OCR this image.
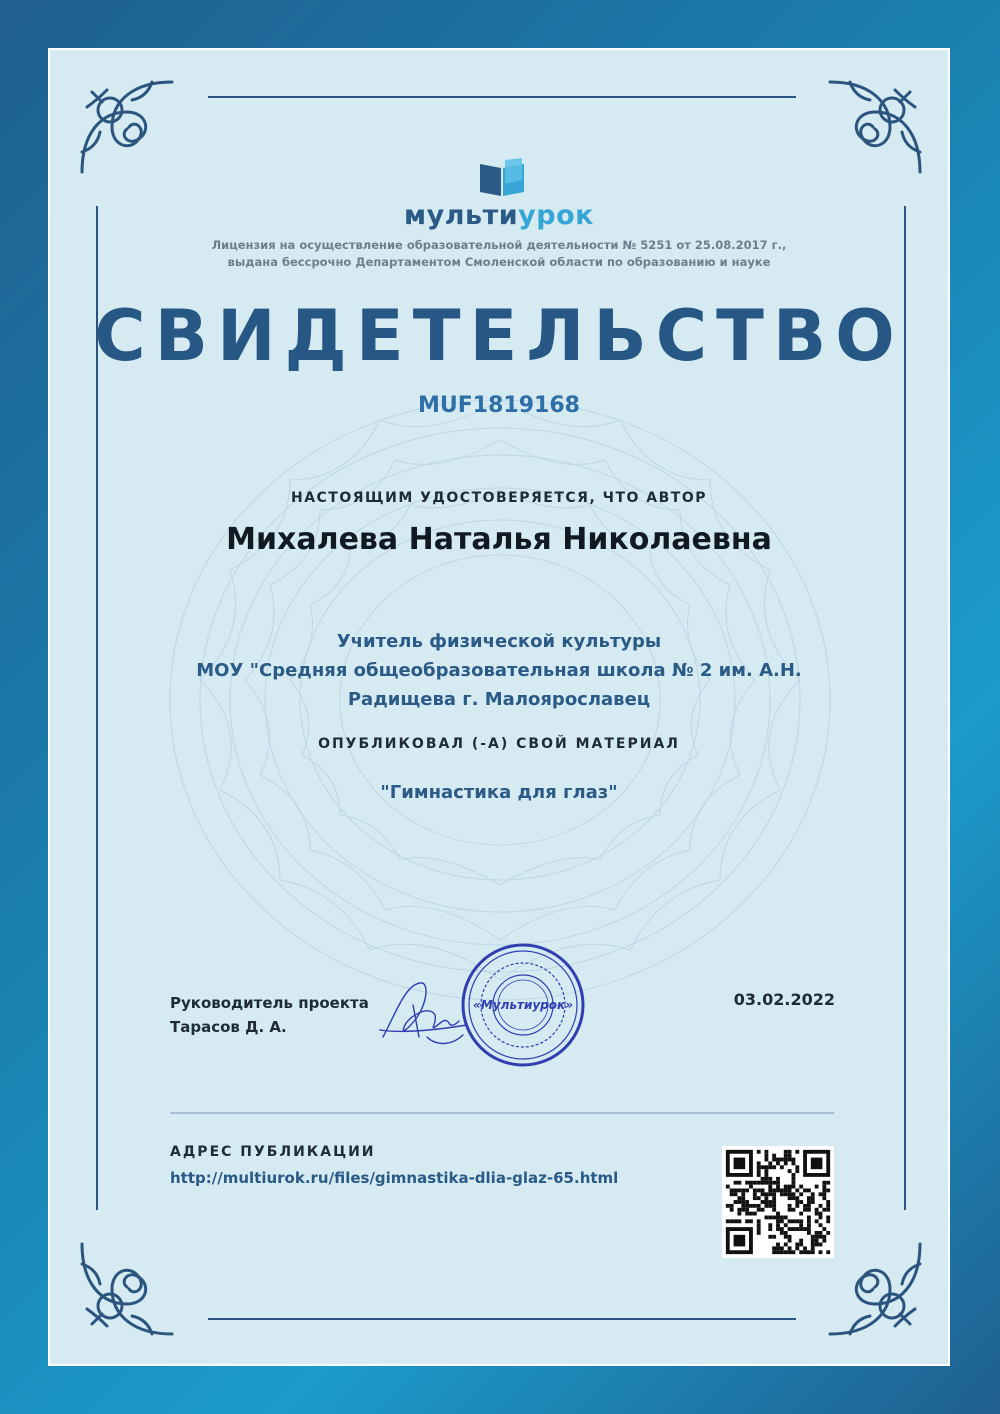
мультиурок
Лицензия на осуществление образовательной деятельности № 5251 от 25.08.2017 г.,
выдана бессрочно Департаментом Смоленской области по образованию и науке
СВИДЕТЕЛЬСТВО
MUF1819168
НАСТОЯЩИМ УДОСТОВЕРЯЕТСЯ, ЧТО АВТОР
Михалева Наталья Николаевна
Учитель физической культуры
МОУ "Средняя общеобразовательная школа № 2 им. А.Н.
Радищева г. Малоярославец
ОПУБЛИКОВАЛ (-А) СВОЙ МАТЕРИАЛ
"Гимнастика для глаз"
Руководитель проекта
Тарасов Д. А.
«Мультиурок»	03.02.2022
АДРЕС ПУБЛИКАЦИИ
http://multiurok.ru/files/gimnastika-dlia-glaz-65.html
